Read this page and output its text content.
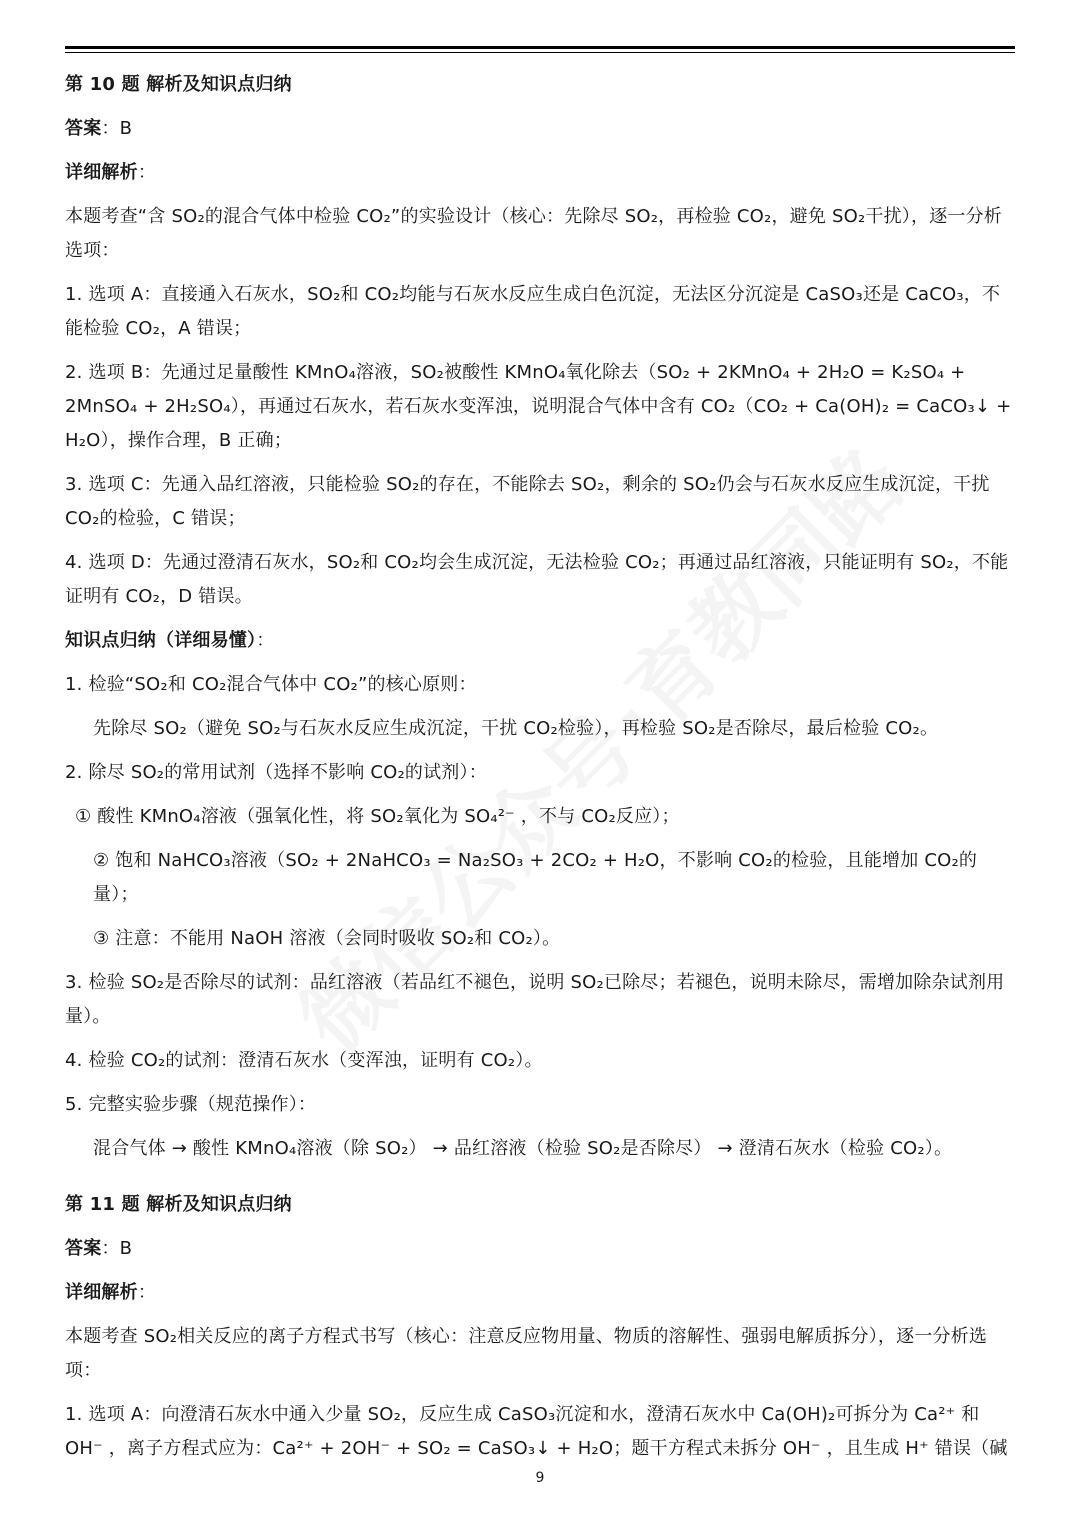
第 10 题 解析及知识点归纳

答案：B

详细解析：

本题考查“含 SO₂的混合气体中检验 CO₂”的实验设计（核心：先除尽 SO₂，再检验 CO₂，避免 SO₂干扰），逐一分析选项：

1. 选项 A：直接通入石灰水，SO₂和 CO₂均能与石灰水反应生成白色沉淀，无法区分沉淀是 CaSO₃还是 CaCO₃，不能检验 CO₂，A 错误；

2. 选项 B：先通过足量酸性 KMnO₄溶液，SO₂被酸性 KMnO₄氧化除去（SO₂ + 2KMnO₄ + 2H₂O = K₂SO₄ + 2MnSO₄ + 2H₂SO₄），再通过石灰水，若石灰水变浑浊，说明混合气体中含有 CO₂（CO₂ + Ca(OH)₂ = CaCO₃↓ + H₂O），操作合理，B 正确；

3. 选项 C：先通入品红溶液，只能检验 SO₂的存在，不能除去 SO₂，剩余的 SO₂仍会与石灰水反应生成沉淀，干扰 CO₂的检验，C 错误；

4. 选项 D：先通过澄清石灰水，SO₂和 CO₂均会生成沉淀，无法检验 CO₂；再通过品红溶液，只能证明有 SO₂，不能证明有 CO₂，D 错误。

知识点归纳（详细易懂）：

1. 检验“SO₂和 CO₂混合气体中 CO₂”的核心原则：

先除尽 SO₂（避免 SO₂与石灰水反应生成沉淀，干扰 CO₂检验），再检验 SO₂是否除尽，最后检验 CO₂。

2. 除尽 SO₂的常用试剂（选择不影响 CO₂的试剂）：

① 酸性 KMnO₄溶液（强氧化性，将 SO₂氧化为 SO₄²⁻ ，不与 CO₂反应）；

② 饱和 NaHCO₃溶液（SO₂ + 2NaHCO₃ = Na₂SO₃ + 2CO₂ + H₂O，不影响 CO₂的检验，且能增加 CO₂的量）；

③ 注意：不能用 NaOH 溶液（会同时吸收 SO₂和 CO₂）。

3. 检验 SO₂是否除尽的试剂：品红溶液（若品红不褪色，说明 SO₂已除尽；若褪色，说明未除尽，需增加除杂试剂用量）。

4. 检验 CO₂的试剂：澄清石灰水（变浑浊，证明有 CO₂）。

5. 完整实验步骤（规范操作）：

混合气体 → 酸性 KMnO₄溶液（除 SO₂） → 品红溶液（检验 SO₂是否除尽） → 澄清石灰水（检验 CO₂）。

第 11 题 解析及知识点归纳

答案：B

详细解析：

本题考查 SO₂相关反应的离子方程式书写（核心：注意反应物用量、物质的溶解性、强弱电解质拆分），逐一分析选项：

1. 选项 A：向澄清石灰水中通入少量 SO₂，反应生成 CaSO₃沉淀和水，澄清石灰水中 Ca(OH)₂可拆分为 Ca²⁺ 和 OH⁻ ，离子方程式应为：Ca²⁺ + 2OH⁻ + SO₂ = CaSO₃↓ + H₂O；题干方程式未拆分 OH⁻ ，且生成 H⁺ 错误（碱

9
